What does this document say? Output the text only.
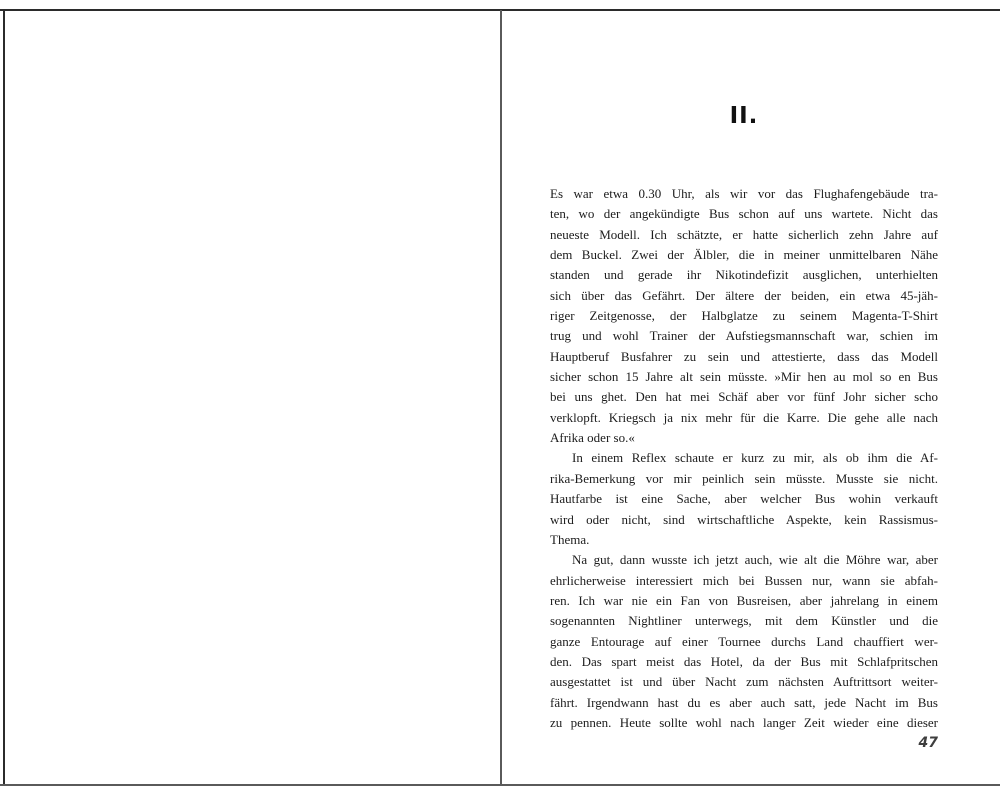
II.
Es war etwa 0.30 Uhr, als wir vor das Flughafengebäude tra-
ten, wo der angekündigte Bus schon auf uns wartete. Nicht das
neueste Modell. Ich schätzte, er hatte sicherlich zehn Jahre auf
dem Buckel. Zwei der Älbler, die in meiner unmittelbaren Nähe
standen und gerade ihr Nikotindefizit ausglichen, unterhielten
sich über das Gefährt. Der ältere der beiden, ein etwa 45-jäh-
riger Zeitgenosse, der Halbglatze zu seinem Magenta-T-Shirt
trug und wohl Trainer der Aufstiegsmannschaft war, schien im
Hauptberuf Busfahrer zu sein und attestierte, dass das Modell
sicher schon 15 Jahre alt sein müsste. »Mir hen au mol so en Bus
bei uns ghet. Den hat mei Schäf aber vor fünf Johr sicher scho
verklopft. Kriegsch ja nix mehr für die Karre. Die gehe alle nach
Afrika oder so.«
In einem Reflex schaute er kurz zu mir, als ob ihm die Af-
rika-Bemerkung vor mir peinlich sein müsste. Musste sie nicht.
Hautfarbe ist eine Sache, aber welcher Bus wohin verkauft
wird oder nicht, sind wirtschaftliche Aspekte, kein Rassismus-
Thema.
Na gut, dann wusste ich jetzt auch, wie alt die Möhre war, aber
ehrlicherweise interessiert mich bei Bussen nur, wann sie abfah-
ren. Ich war nie ein Fan von Busreisen, aber jahrelang in einem
sogenannten Nightliner unterwegs, mit dem Künstler und die
ganze Entourage auf einer Tournee durchs Land chauffiert wer-
den. Das spart meist das Hotel, da der Bus mit Schlafpritschen
ausgestattet ist und über Nacht zum nächsten Auftrittsort weiter-
fährt. Irgendwann hast du es aber auch satt, jede Nacht im Bus
zu pennen. Heute sollte wohl nach langer Zeit wieder eine dieser
47
